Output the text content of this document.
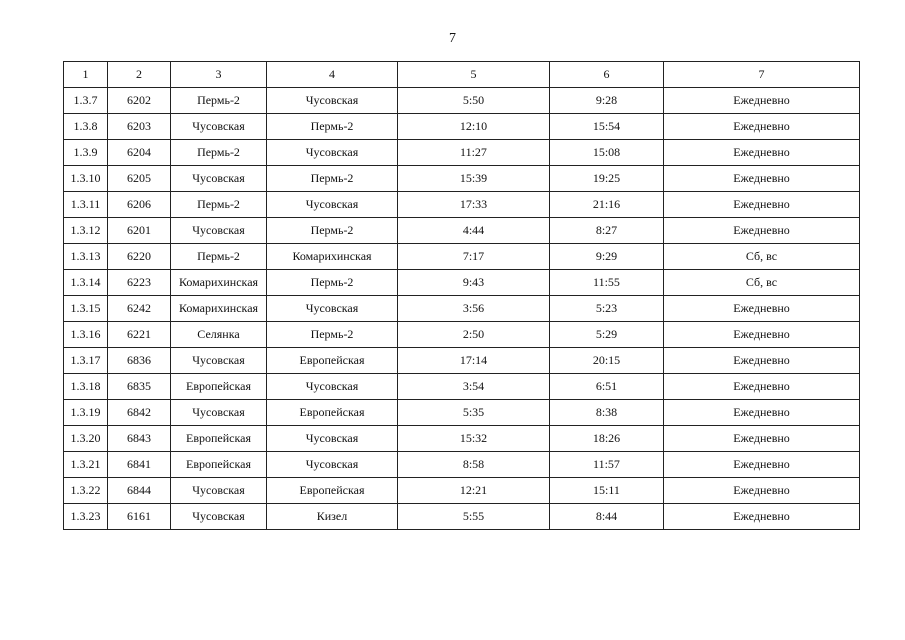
7
1	2	3	4	5	6	7
1.3.7	6202	Пермь-2	Чусовская	5:50	9:28	Ежедневно
1.3.8	6203	Чусовская	Пермь-2	12:10	15:54	Ежедневно
1.3.9	6204	Пермь-2	Чусовская	11:27	15:08	Ежедневно
1.3.10	6205	Чусовская	Пермь-2	15:39	19:25	Ежедневно
1.3.11	6206	Пермь-2	Чусовская	17:33	21:16	Ежедневно
1.3.12	6201	Чусовская	Пермь-2	4:44	8:27	Ежедневно
1.3.13	6220	Пермь-2	Комарихинская	7:17	9:29	Сб, вс
1.3.14	6223	Комарихинская	Пермь-2	9:43	11:55	Сб, вс
1.3.15	6242	Комарихинская	Чусовская	3:56	5:23	Ежедневно
1.3.16	6221	Селянка	Пермь-2	2:50	5:29	Ежедневно
1.3.17	6836	Чусовская	Европейская	17:14	20:15	Ежедневно
1.3.18	6835	Европейская	Чусовская	3:54	6:51	Ежедневно
1.3.19	6842	Чусовская	Европейская	5:35	8:38	Ежедневно
1.3.20	6843	Европейская	Чусовская	15:32	18:26	Ежедневно
1.3.21	6841	Европейская	Чусовская	8:58	11:57	Ежедневно
1.3.22	6844	Чусовская	Европейская	12:21	15:11	Ежедневно
1.3.23	6161	Чусовская	Кизел	5:55	8:44	Ежедневно
